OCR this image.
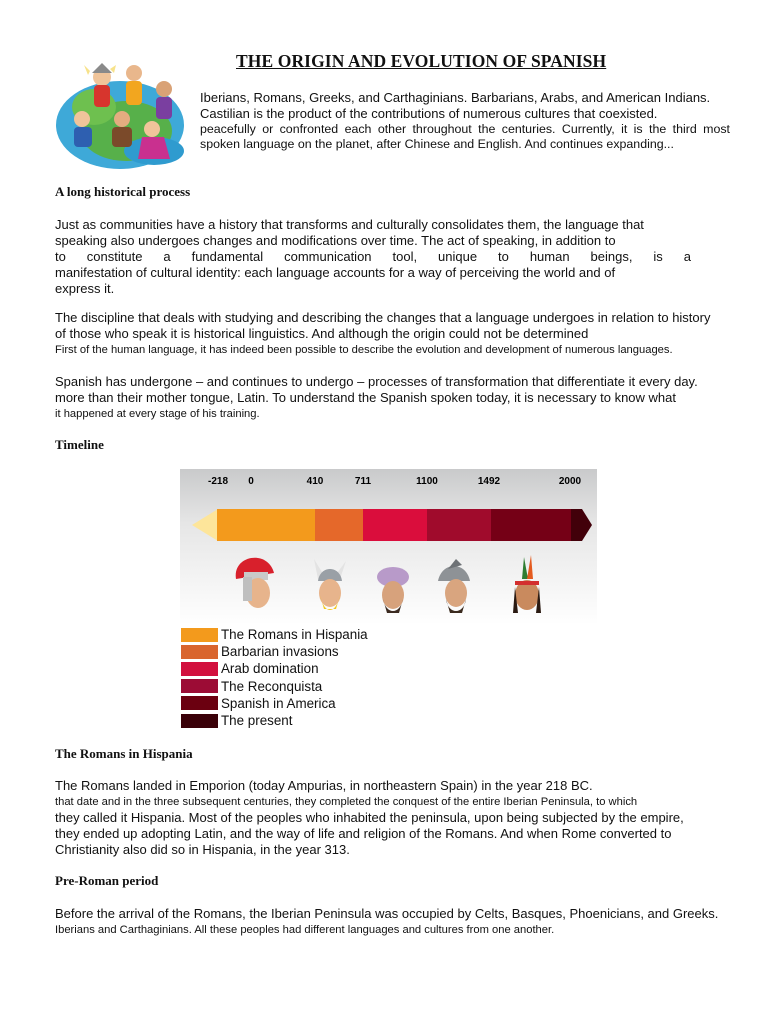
THE ORIGIN AND EVOLUTION OF SPANISH

Iberians, Romans, Greeks, and Carthaginians. Barbarians, Arabs, and American Indians.

Castilian is the product of the contributions of numerous cultures that coexisted.

peacefully or confronted each other throughout the centuries. Currently, it is the third most spoken language on the planet, after Chinese and English. And continues expanding...

A long historical process

Just as communities have a history that transforms and culturally consolidates them, the language that

speaking also undergoes changes and modifications over time. The act of speaking, in addition to

to constitute a fundamental communication tool, unique to human beings, is a

manifestation of cultural identity: each language accounts for a way of perceiving the world and of

express it.

The discipline that deals with studying and describing the changes that a language undergoes in relation to history

of those who speak it is historical linguistics. And although the origin could not be determined

First of the human language, it has indeed been possible to describe the evolution and development of numerous languages.

Spanish has undergone – and continues to undergo – processes of transformation that differentiate it every day.

more than their mother tongue, Latin. To understand the Spanish spoken today, it is necessary to know what

it happened at every stage of his training.

Timeline
-218 0	410	711	1100	1492	2000
The Romans in Hispania
Barbarian invasions
Arab domination
The Reconquista
Spanish in America
The present
The Romans in Hispania

The Romans landed in Emporion (today Ampurias, in northeastern Spain) in the year 218 BC.

that date and in the three subsequent centuries, they completed the conquest of the entire Iberian Peninsula, to which

they called it Hispania. Most of the peoples who inhabited the peninsula, upon being subjected by the empire,

they ended up adopting Latin, and the way of life and religion of the Romans. And when Rome converted to

Christianity also did so in Hispania, in the year 313.

Pre-Roman period

Before the arrival of the Romans, the Iberian Peninsula was occupied by Celts, Basques, Phoenicians, and Greeks.

Iberians and Carthaginians. All these peoples had different languages and cultures from one another.
